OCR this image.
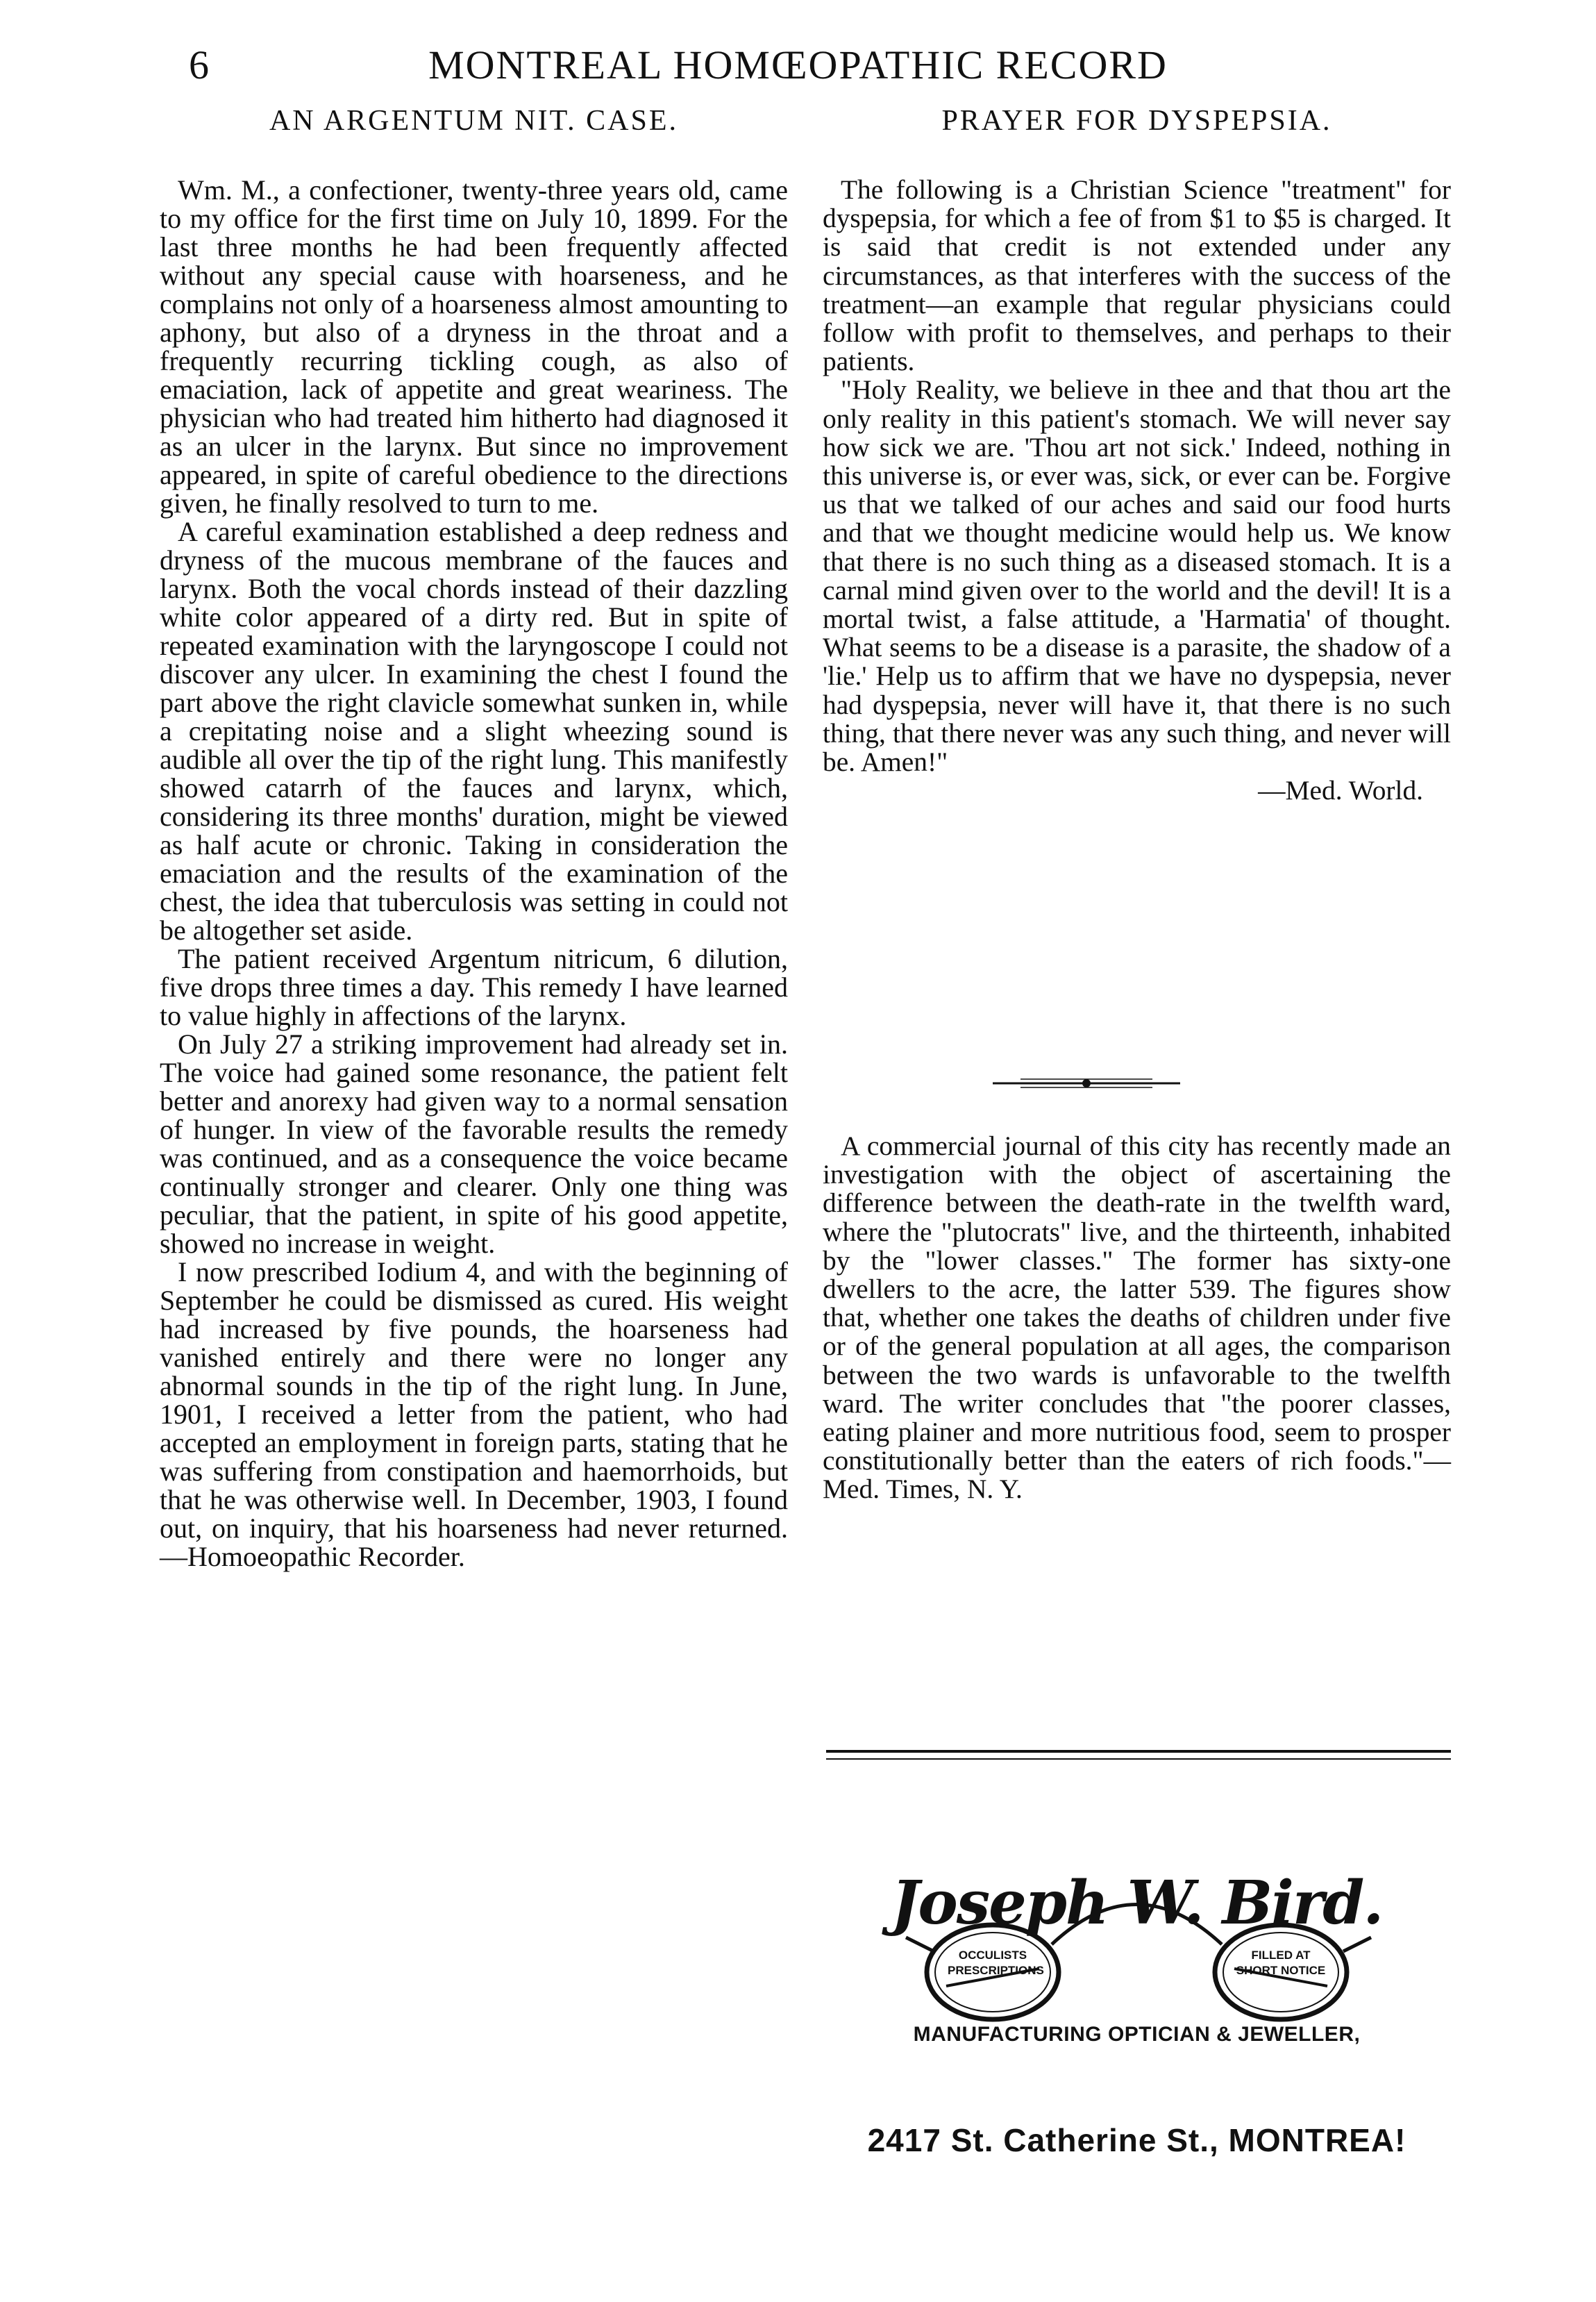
MONTREAL HOMŒOPATHIC RECORD
6
AN ARGENTUM NIT. CASE.

Wm. M., a confectioner, twenty-three years old, came to my office for the first time on July 10, 1899. For the last three months he had been frequently affected without any special cause with hoarseness, and he complains not only of a hoarseness almost amounting to aphony, but also of a dryness in the throat and a frequently recurring tickling cough, as also of emaciation, lack of appetite and great weariness. The physician who had treated him hitherto had diagnosed it as an ulcer in the larynx. But since no improvement appeared, in spite of careful obedience to the directions given, he finally resolved to turn to me.

A careful examination established a deep redness and dryness of the mucous membrane of the fauces and larynx. Both the vocal chords instead of their dazzling white color appeared of a dirty red. But in spite of repeated examination with the laryngoscope I could not discover any ulcer. In examining the chest I found the part above the right clavicle somewhat sunken in, while a crepitating noise and a slight wheezing sound is audible all over the tip of the right lung. This manifestly showed catarrh of the fauces and larynx, which, considering its three months' duration, might be viewed as half acute or chronic. Taking in consideration the emaciation and the results of the examination of the chest, the idea that tuberculosis was setting in could not be altogether set aside.

The patient received Argentum nitricum, 6 dilution, five drops three times a day. This remedy I have learned to value highly in affections of the larynx.

On July 27 a striking improvement had already set in. The voice had gained some resonance, the patient felt better and anorexy had given way to a normal sensation of hunger. In view of the favorable results the remedy was continued, and as a consequence the voice became continually stronger and clearer. Only one thing was peculiar, that the patient, in spite of his good appetite, showed no increase in weight.

I now prescribed Iodium 4, and with the beginning of September he could be dismissed as cured. His weight had increased by five pounds, the hoarseness had vanished entirely and there were no longer any abnormal sounds in the tip of the right lung. In June, 1901, I received a letter from the patient, who had accepted an employment in foreign parts, stating that he was suffering from constipation and haemorrhoids, but that he was otherwise well. In December, 1903, I found out, on inquiry, that his hoarseness had never returned.—Homoeopathic Recorder.

PRAYER FOR DYSPEPSIA.

The following is a Christian Science "treatment" for dyspepsia, for which a fee of from $1 to $5 is charged. It is said that credit is not extended under any circumstances, as that interferes with the success of the treatment—an example that regular physicians could follow with profit to themselves, and perhaps to their patients.

"Holy Reality, we believe in thee and that thou art the only reality in this patient's stomach. We will never say how sick we are. 'Thou art not sick.' Indeed, nothing in this universe is, or ever was, sick, or ever can be. Forgive us that we talked of our aches and said our food hurts and that we thought medicine would help us. We know that there is no such thing as a diseased stomach. It is a carnal mind given over to the world and the devil! It is a mortal twist, a false attitude, a 'Harmatia' of thought. What seems to be a disease is a parasite, the shadow of a 'lie.' Help us to affirm that we have no dyspepsia, never had dyspepsia, never will have it, that there is no such thing, that there never was any such thing, and never will be. Amen!"

—Med. World.

A commercial journal of this city has recently made an investigation with the object of ascertaining the difference between the death-rate in the twelfth ward, where the "plutocrats" live, and the thirteenth, inhabited by the "lower classes." The former has sixty-one dwellers to the acre, the latter 539. The figures show that, whether one takes the deaths of children under five or of the general population at all ages, the comparison between the two wards is unfavorable to the twelfth ward. The writer concludes that "the poorer classes, eating plainer and more nutritious food, seem to prosper constitutionally better than the eaters of rich foods."—Med. Times, N. Y.

OCCULISTS PRESCRIPTIONS
FILLED AT SHORT NOTICE
Joseph W. Bird.
MANUFACTURING OPTICIAN & JEWELLER,
2417 St. Catherine St., MONTREA!
